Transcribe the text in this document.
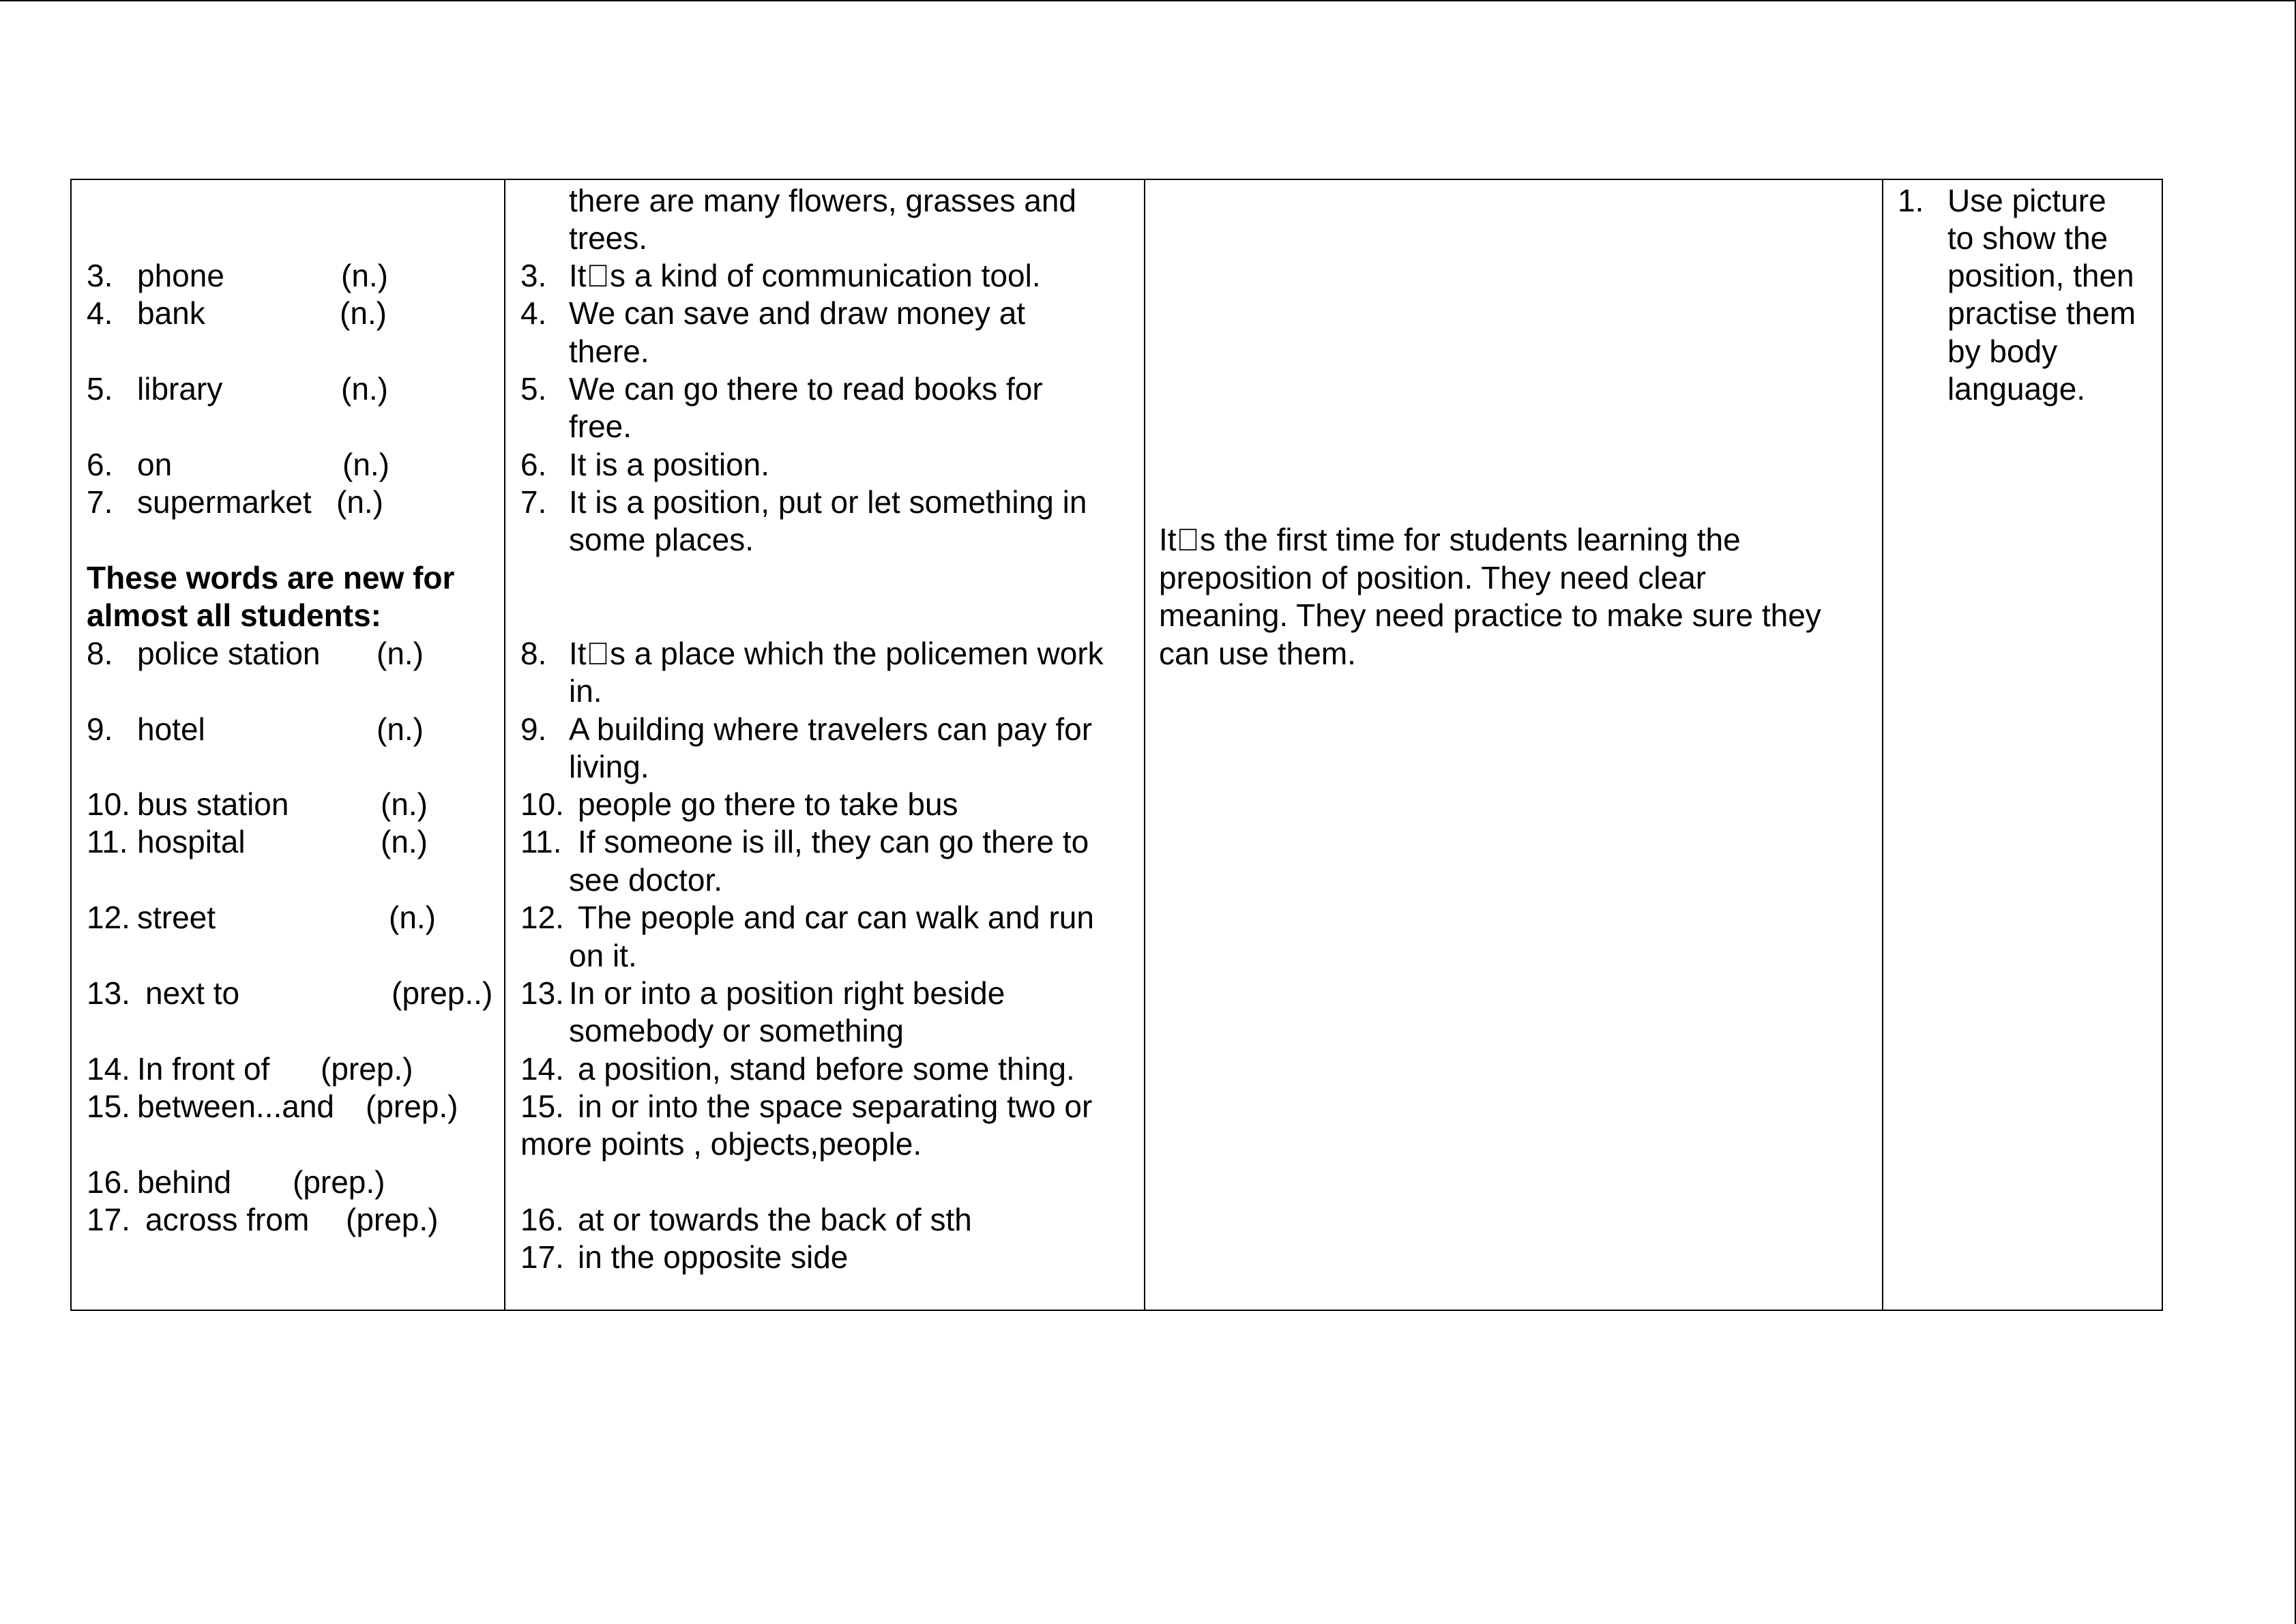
3. phone	(n.)
4. bank	(n.)
5. library	(n.)
6. on	(n.)
7. supermarket (n.)
These words are new for
almost all students:
8. police station (n.)
9. hotel	(n.)
10. bus station	(n.)
11. hospital	(n.)
12. street	(n.)
13. next to	(prep..)
14. In front of (prep.)
15. between...and (prep.)
16. behind (prep.)
17. across from (prep.)

there are many flowers, grasses and
trees.
3. It s a kind of communication tool.
4. We can save and draw money at
there.
5. We can go there to read books for
free.
6. It is a position.
7. It is a position, put or let something in
some places.
8. It s a place which the policemen work
in.
9. A building where travelers can pay for
living.
10. people go there to take bus
11. If someone is ill, they can go there to
see doctor.
12. The people and car can walk and run
on it.
13. In or into a position right beside
somebody or something
14. a position, stand before some thing.
15. in or into the space separating two or
more points , objects,people.
16. at or towards the back of sth
17. in the opposite side

It s the first time for students learning the
preposition of position. They need clear
meaning. They need practice to make sure they
can use them.

1. Use picture
to show the
position, then
practise them
by body
language.
